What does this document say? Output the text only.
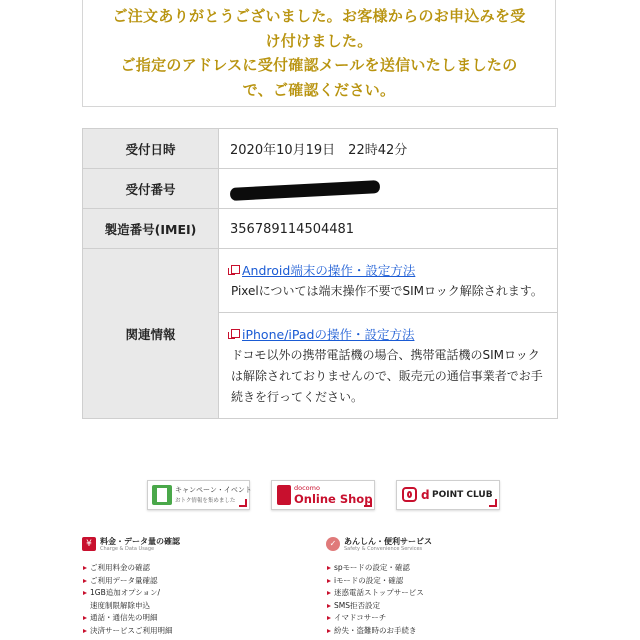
ご注文ありがとうございました。お客様からのお申込みを受
け付けました。
ご指定のアドレスに受付確認メールを送信いたしましたの
で、ご確認ください。
受付日時	2020年10月19日　22時42分
受付番号	
製造番号(IMEI)	356789114504481
関連情報	Android端末の操作・設定方法
Pixelについては端末操作不要でSIMロック解除されます。
iPhone/iPadの操作・設定方法
ドコモ以外の携帯電話機の場合、携帯電話機のSIMロックは解除されておりませんので、販売元の通信事業者でお手続きを行ってください。
キャンペーン・イベント
おトク情報を集めました
docomo
Online Shop	d POINT CLUB
¥	料金・データ量の確認
Charge & Data Usage
ご利用料金の確認
ご利用データ量確認
1GB追加オプション/
速度制限解除申込
通話・通信先の明細
決済サービスご利用明細
✓ あんしん・便利サービス
Safety & Convenience Services
spモードの設定・確認
iモードの設定・確認
迷惑電話ストップサービス
SMS拒否設定
イマドコサーチ
紛失・盗難時のお手続き
